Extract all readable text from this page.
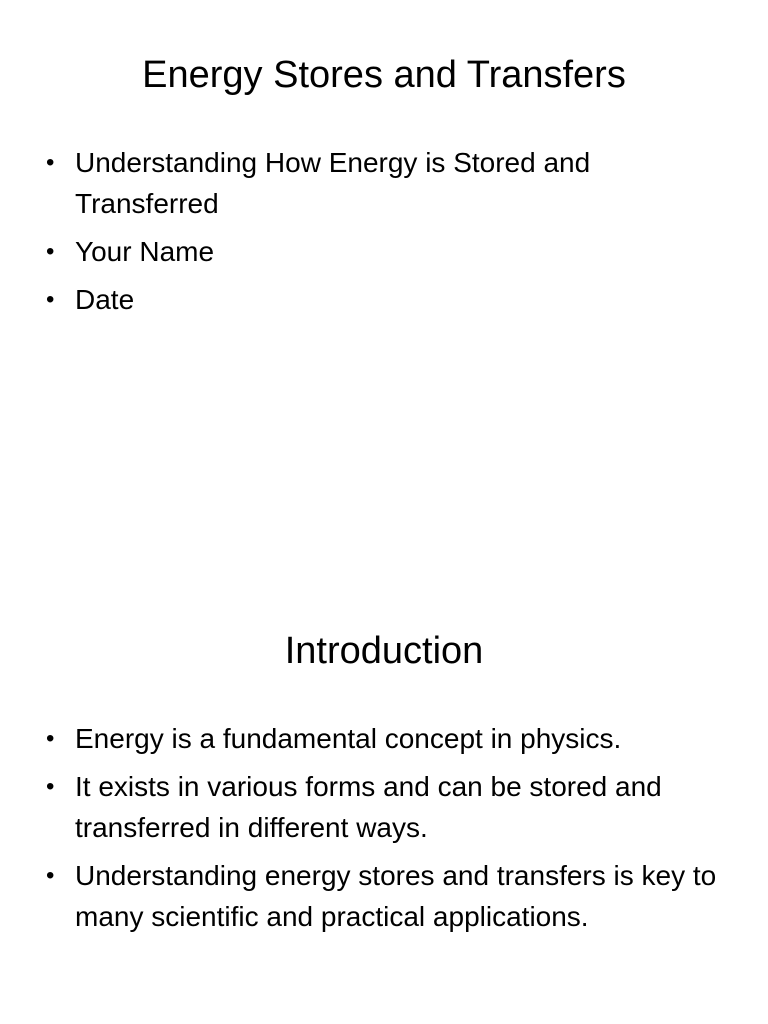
Energy Stores and Transfers
• Understanding How Energy is Stored and Transferred
• Your Name
• Date
Introduction
• Energy is a fundamental concept in physics.
• It exists in various forms and can be stored and transferred in different ways.
• Understanding energy stores and transfers is key to many scientific and practical applications.
